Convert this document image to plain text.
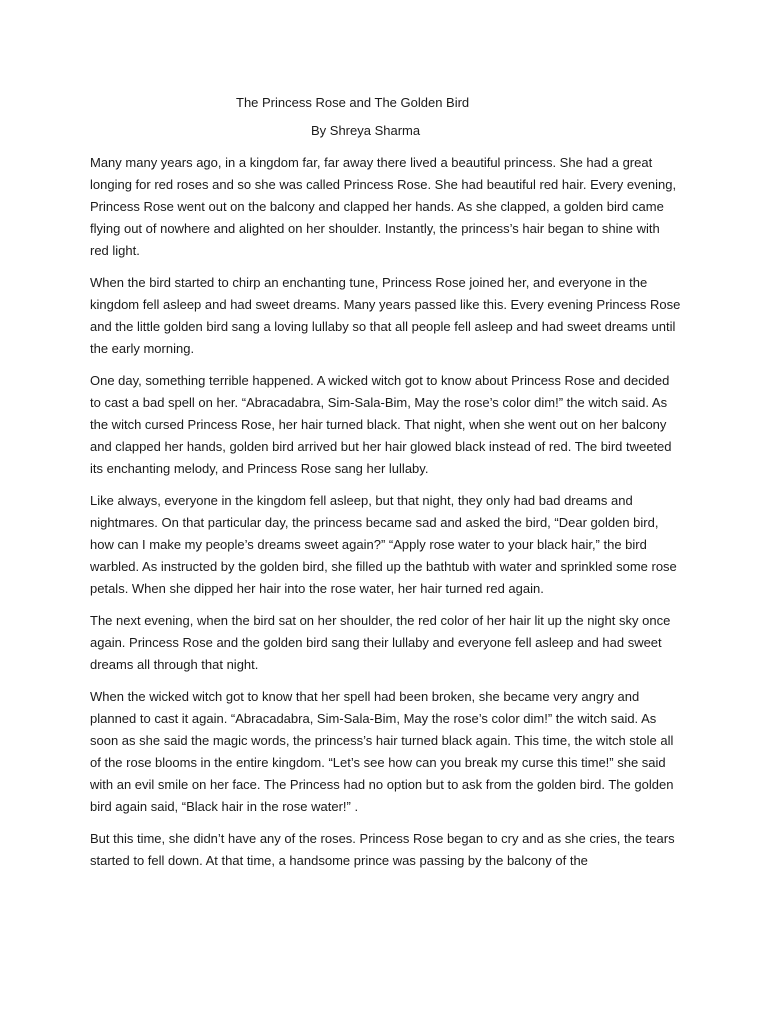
The Princess Rose and The Golden Bird

By Shreya Sharma

Many many years ago, in a kingdom far, far away there lived a beautiful princess. She had a great longing for red roses and so she was called Princess Rose. She had beautiful red hair. Every evening, Princess Rose went out on the balcony and clapped her hands. As she clapped, a golden bird came flying out of nowhere and alighted on her shoulder. Instantly, the princess’s hair began to shine with red light.

When the bird started to chirp an enchanting tune, Princess Rose joined her, and everyone in the kingdom fell asleep and had sweet dreams. Many years passed like this. Every evening Princess Rose and the little golden bird sang a loving lullaby so that all people fell asleep and had sweet dreams until the early morning.

One day, something terrible happened. A wicked witch got to know about Princess Rose and decided to cast a bad spell on her. “Abracadabra, Sim-Sala-Bim, May the rose’s color dim!” the witch said. As the witch cursed Princess Rose, her hair turned black. That night, when she went out on her balcony and clapped her hands, golden bird arrived but her hair glowed black instead of red. The bird tweeted its enchanting melody, and Princess Rose sang her lullaby.

Like always, everyone in the kingdom fell asleep, but that night, they only had bad dreams and nightmares. On that particular day, the princess became sad and asked the bird, “Dear golden bird, how can I make my people’s dreams sweet again?” “Apply rose water to your black hair,” the bird warbled. As instructed by the golden bird, she filled up the bathtub with water and sprinkled some rose petals. When she dipped her hair into the rose water, her hair turned red again.

The next evening, when the bird sat on her shoulder, the red color of her hair lit up the night sky once again. Princess Rose and the golden bird sang their lullaby and everyone fell asleep and had sweet dreams all through that night.

When the wicked witch got to know that her spell had been broken, she became very angry and planned to cast it again. “Abracadabra, Sim-Sala-Bim, May the rose’s color dim!” the witch said. As soon as she said the magic words, the princess’s hair turned black again. This time, the witch stole all of the rose blooms in the entire kingdom. “Let’s see how can you break my curse this time!” she said with an evil smile on her face. The Princess had no option but to ask from the golden bird. The golden bird again said, “Black hair in the rose water!” .

But this time, she didn’t have any of the roses. Princess Rose began to cry and as she cries, the tears started to fell down. At that time, a handsome prince was passing by the balcony of the
